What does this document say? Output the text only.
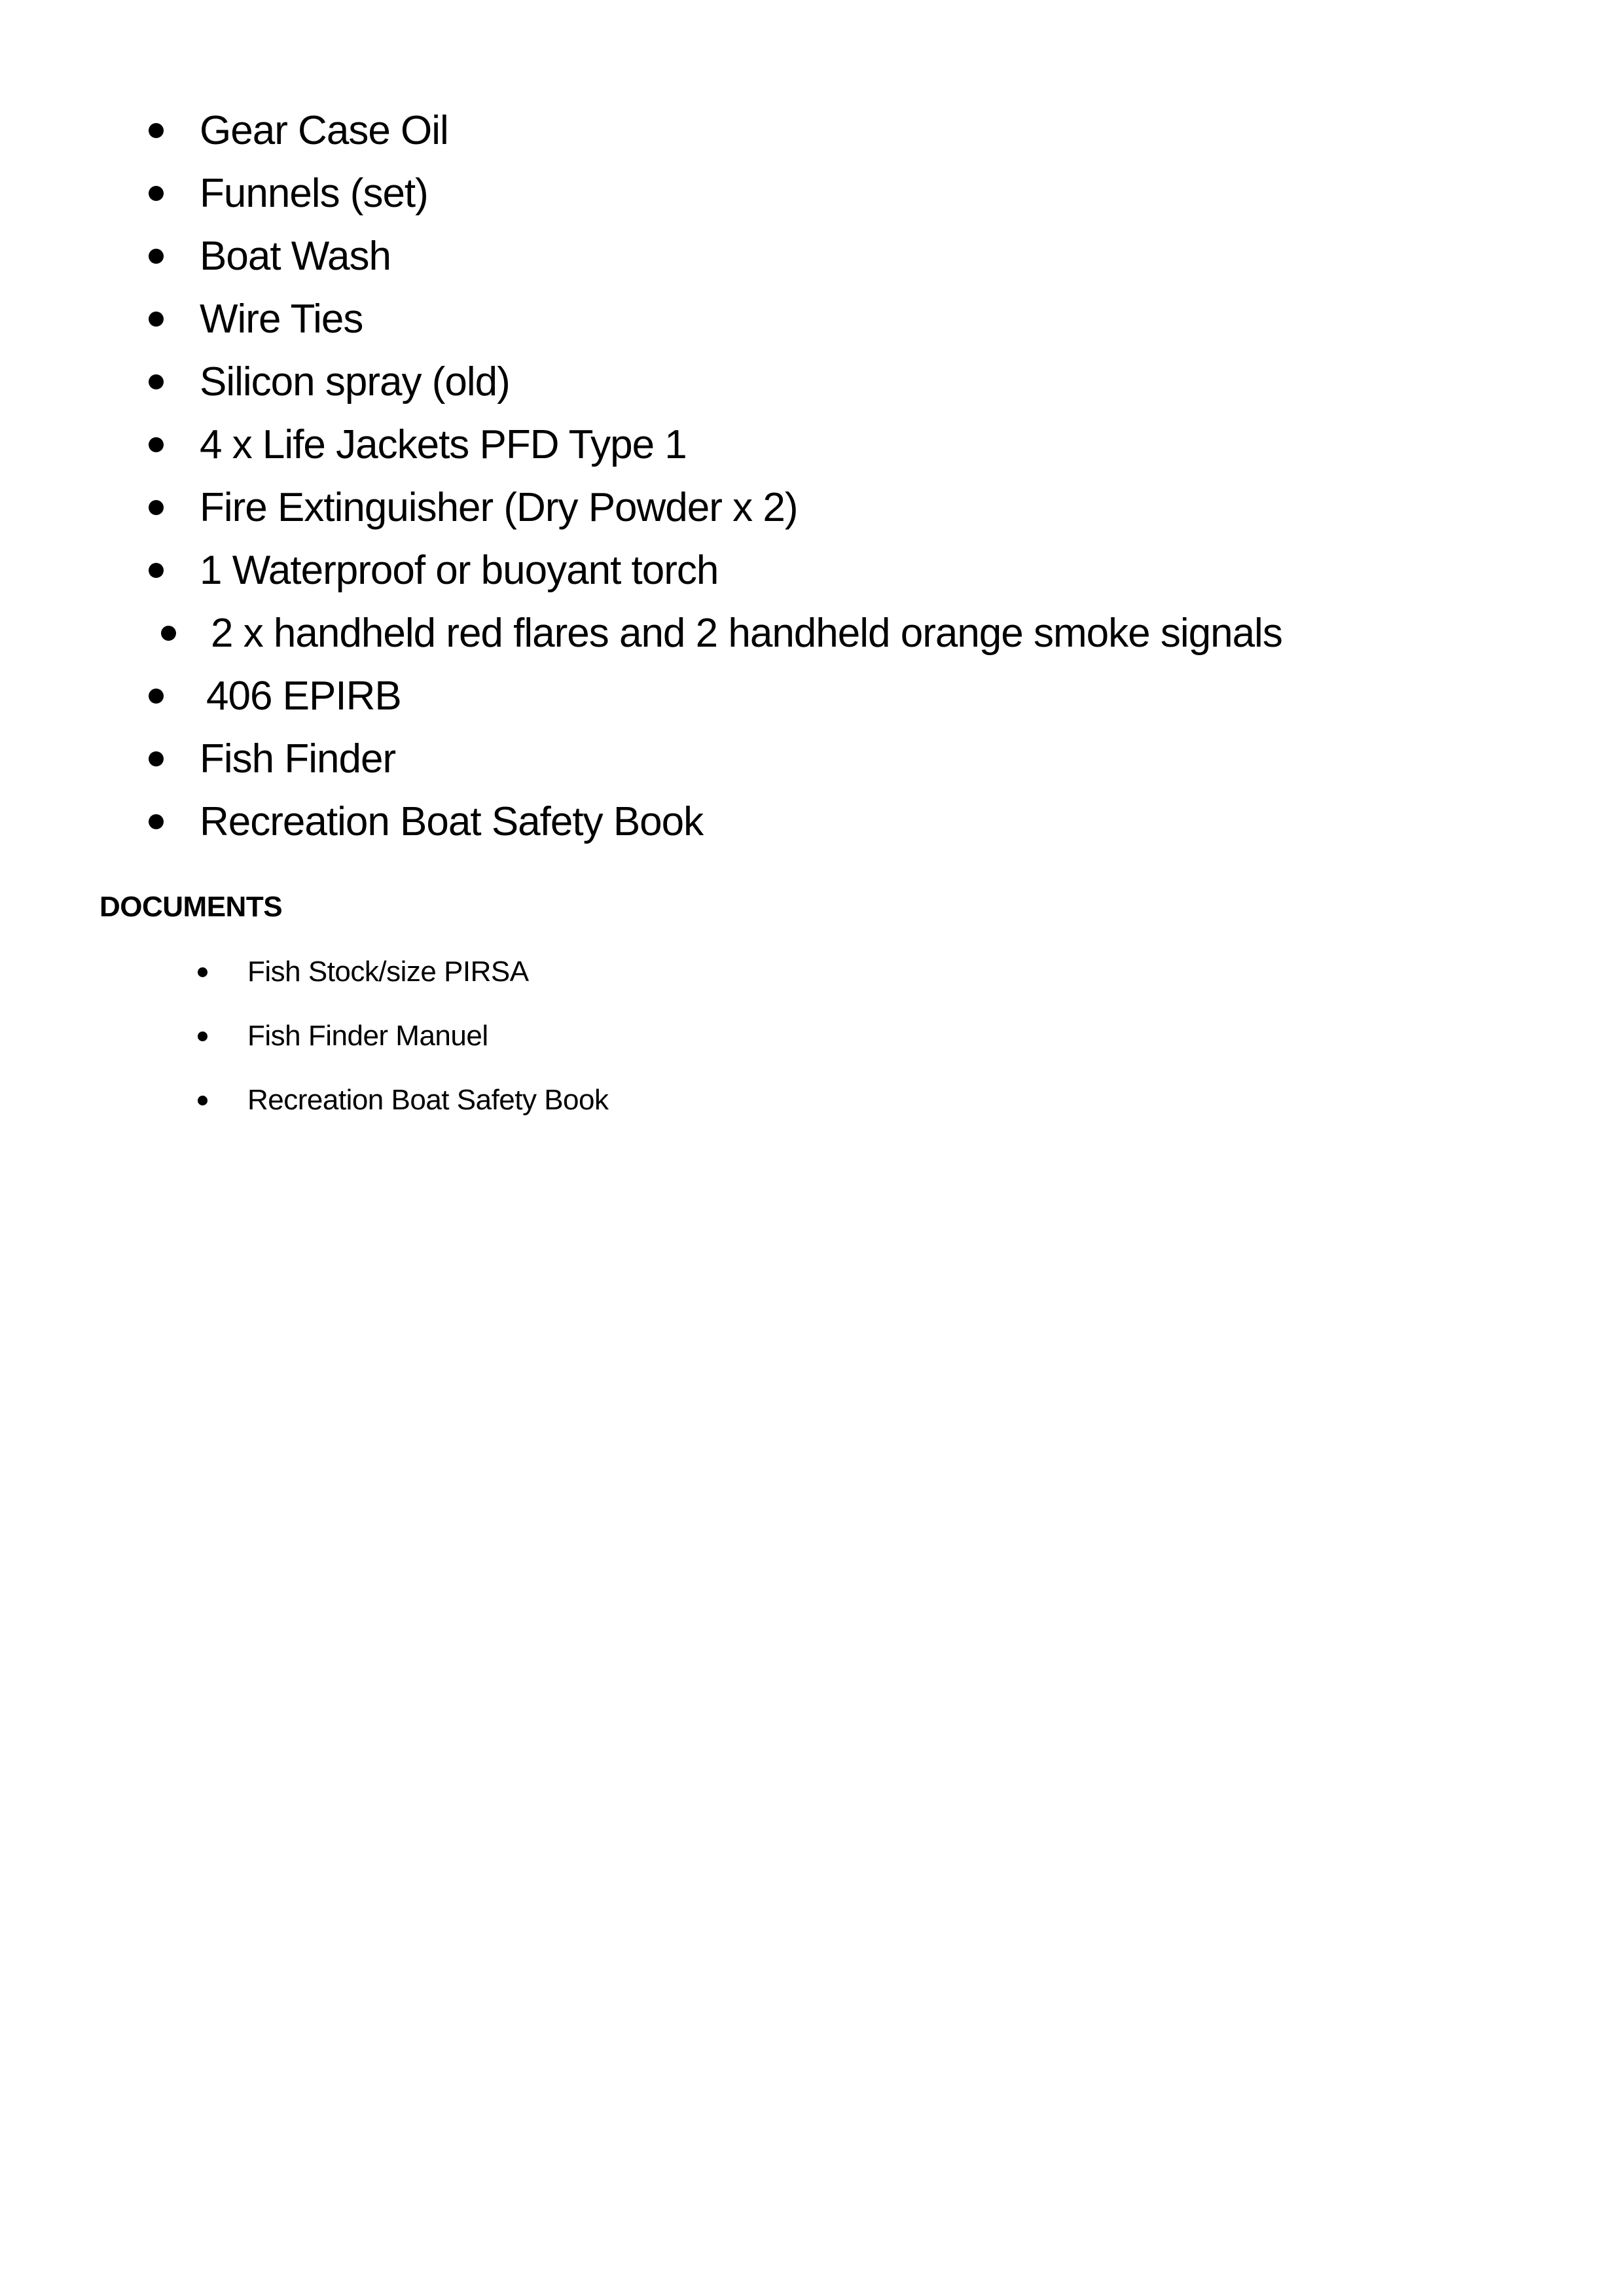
Gear Case Oil
Funnels (set)
Boat Wash
Wire Ties
Silicon spray (old)
4 x Life Jackets PFD Type 1
Fire Extinguisher (Dry Powder x 2)
1 Waterproof or buoyant torch
2 x handheld red flares and 2 handheld orange smoke signals
406 EPIRB
Fish Finder
Recreation Boat Safety Book
DOCUMENTS
Fish Stock/size PIRSA
Fish Finder Manuel
Recreation Boat Safety Book
